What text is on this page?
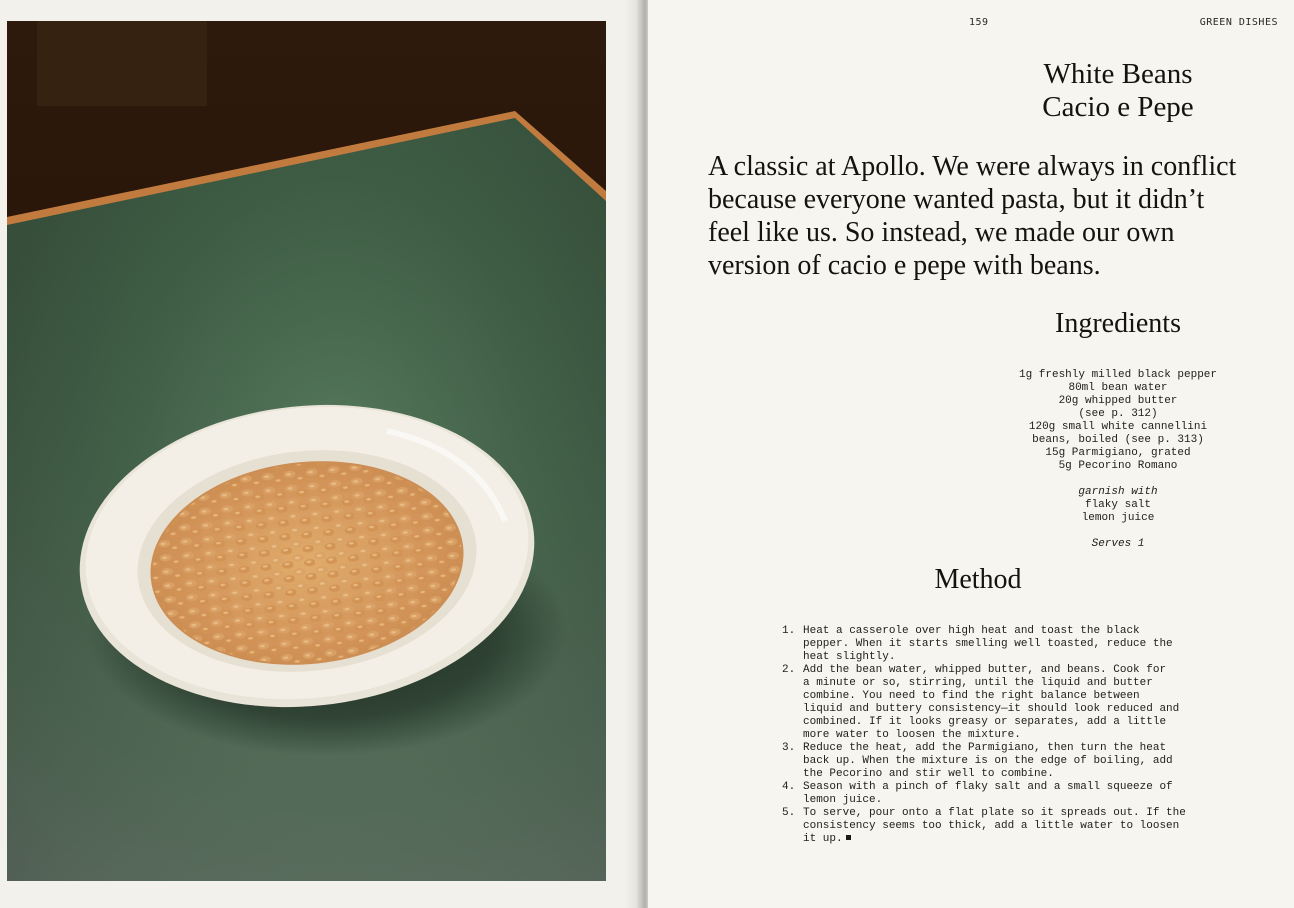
159	GREEN DISHES
White Beans
Cacio e Pepe
A classic at Apollo. We were always in conflict because everyone wanted pasta, but it didn’t feel like us. So instead, we made our own version of cacio e pepe with beans.
Ingredients
1g freshly milled black pepper
80ml bean water
20g whipped butter
(see p. 312)
120g small white cannellini
beans, boiled (see p. 313)
15g Parmigiano, grated
5g Pecorino Romano
garnish with
flaky salt
lemon juice
Serves 1
Method
1. Heat a casserole over high heat and toast the black
pepper. When it starts smelling well toasted, reduce the
heat slightly.
2. Add the bean water, whipped butter, and beans. Cook for
a minute or so, stirring, until the liquid and butter
combine. You need to find the right balance between
liquid and buttery consistency—it should look reduced and
combined. If it looks greasy or separates, add a little
more water to loosen the mixture.
3. Reduce the heat, add the Parmigiano, then turn the heat
back up. When the mixture is on the edge of boiling, add
the Pecorino and stir well to combine.
4. Season with a pinch of flaky salt and a small squeeze of
lemon juice.
5. To serve, pour onto a flat plate so it spreads out. If the
consistency seems too thick, add a little water to loosen
it up.
